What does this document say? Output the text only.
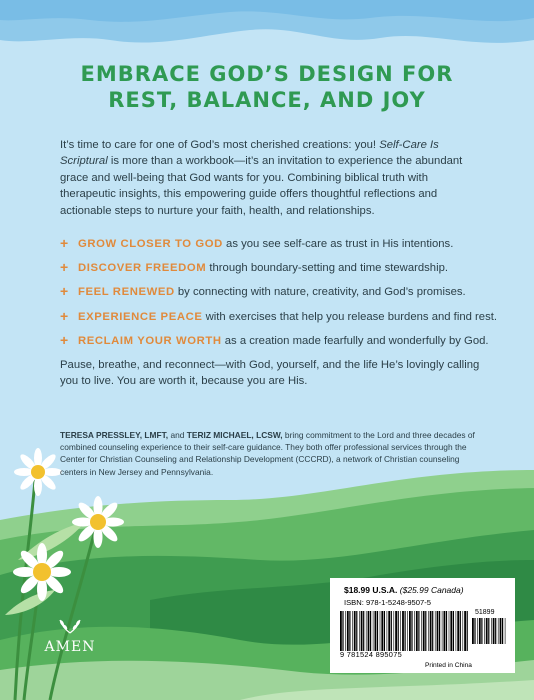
EMBRACE GOD’S DESIGN FOR
REST, BALANCE, AND JOY

It’s time to care for one of God’s most cherished creations: you! Self-Care Is Scriptural is more than a workbook—it’s an invitation to experience the abundant grace and well-being that God wants for you. Combining biblical truth with therapeutic insights, this empowering guide offers thoughtful reflections and actionable steps to nurture your faith, health, and relationships.

+ GROW CLOSER TO GOD as you see self-care as trust in His intentions.
+ DISCOVER FREEDOM through boundary-setting and time stewardship.
+ FEEL RENEWED by connecting with nature, creativity, and God’s promises.
+ EXPERIENCE PEACE with exercises that help you release burdens and find rest.
+ RECLAIM YOUR WORTH as a creation made fearfully and wonderfully by God.

Pause, breathe, and reconnect—with God, yourself, and the life He’s lovingly calling you to live. You are worth it, because you are His.

TERESA PRESSLEY, LMFT, and TERIZ MICHAEL, LCSW, bring commitment to the Lord and three decades of combined counseling experience to their self-care guidance. They both offer professional services through the Center for Christian Counseling and Relationship Development (CCCRD), a network of Christian counseling centers in New Jersey and Pennsylvania.

AMEN
$18.99 U.S.A. ($25.99 Canada)
ISBN: 978-1-5248-9507-5
51899
9 781524 895075
Printed in China
